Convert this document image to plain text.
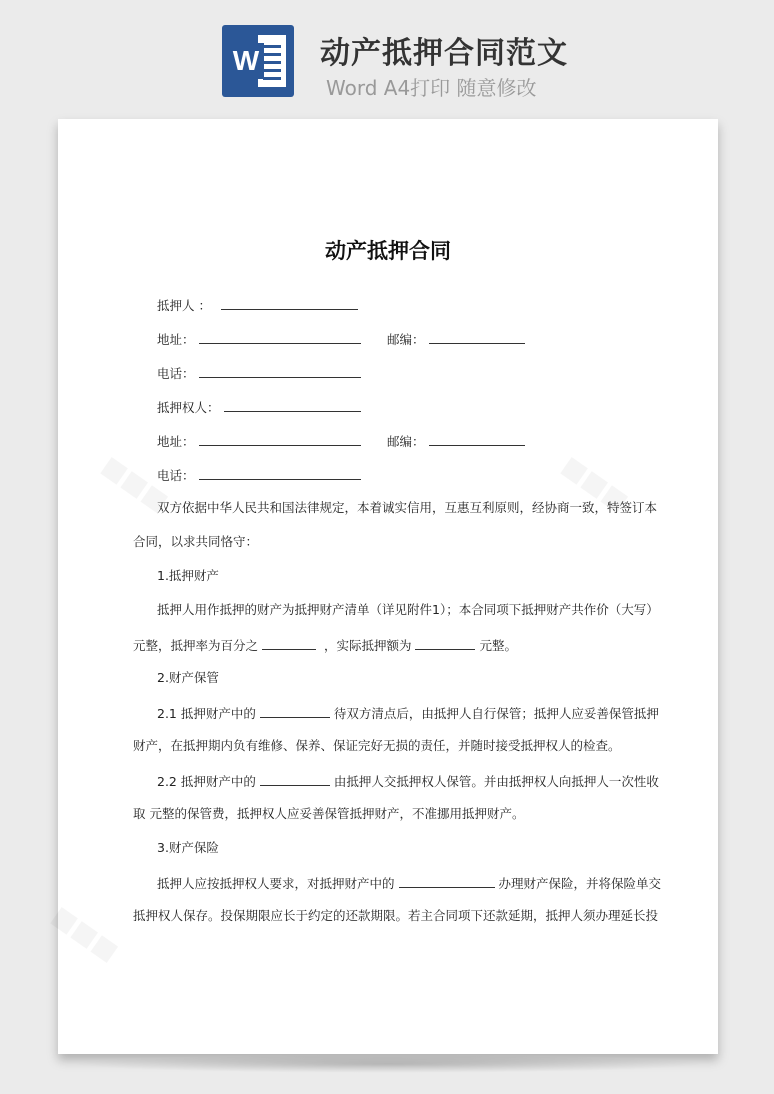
W 动产抵押合同范文
Word A4打印 随意修改
动产抵押合同
抵押人 ：
地址：	邮编：
电话：
抵押权人：
地址：	邮编：
电话：
双方依据中华人民共和国法律规定，本着诚实信用，互惠互利原则，经协商一致，特签订本
合同，以求共同恪守：
1.抵押财产
抵押人用作抵押的财产为抵押财产清单（详见附件1）；本合同项下抵押财产共作价（大写）
元整，抵押率为百分之	，实际抵押额为	元整。
2.财产保管
2.1 抵押财产中的	待双方清点后，由抵押人自行保管；抵押人应妥善保管抵押
财产，在抵押期内负有维修、保养、保证完好无损的责任，并随时接受抵押权人的检查。
2.2 抵押财产中的	由抵押人交抵押权人保管。并由抵押权人向抵押人一次性收
取 元整的保管费，抵押权人应妥善保管抵押财产，不准挪用抵押财产。
3.财产保险
抵押人应按抵押权人要求，对抵押财产中的	办理财产保险，并将保险单交
抵押权人保存。投保期限应长于约定的还款期限。若主合同项下还款延期，抵押人须办理延长投
